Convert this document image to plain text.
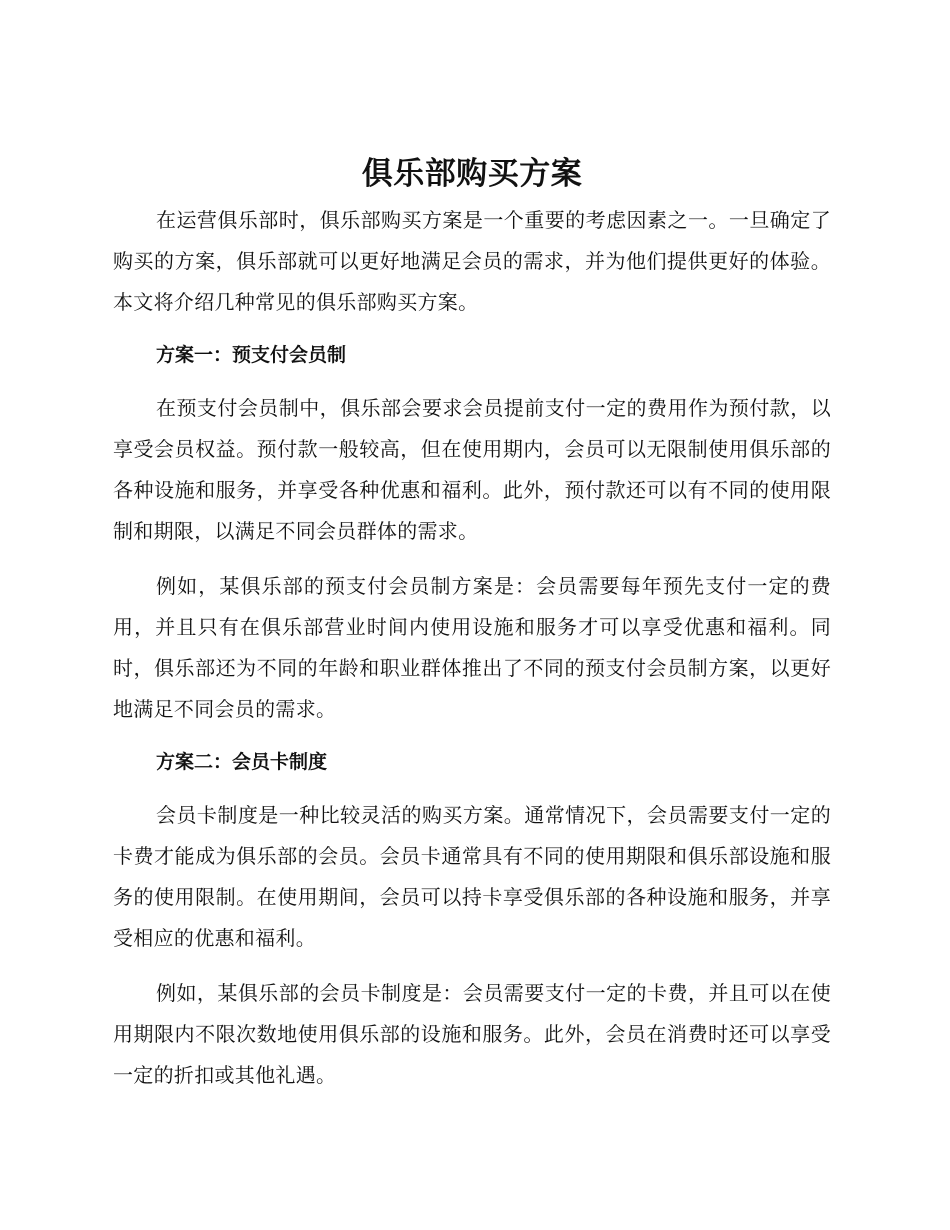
俱乐部购买方案

在运营俱乐部时，俱乐部购买方案是一个重要的考虑因素之一。一旦确定了购买的方案，俱乐部就可以更好地满足会员的需求，并为他们提供更好的体验。本文将介绍几种常见的俱乐部购买方案。

方案一：预支付会员制

在预支付会员制中，俱乐部会要求会员提前支付一定的费用作为预付款，以享受会员权益。预付款一般较高，但在使用期内，会员可以无限制使用俱乐部的各种设施和服务，并享受各种优惠和福利。此外，预付款还可以有不同的使用限制和期限，以满足不同会员群体的需求。

例如，某俱乐部的预支付会员制方案是：会员需要每年预先支付一定的费用，并且只有在俱乐部营业时间内使用设施和服务才可以享受优惠和福利。同时，俱乐部还为不同的年龄和职业群体推出了不同的预支付会员制方案，以更好地满足不同会员的需求。

方案二：会员卡制度

会员卡制度是一种比较灵活的购买方案。通常情况下，会员需要支付一定的卡费才能成为俱乐部的会员。会员卡通常具有不同的使用期限和俱乐部设施和服务的使用限制。在使用期间，会员可以持卡享受俱乐部的各种设施和服务，并享受相应的优惠和福利。

例如，某俱乐部的会员卡制度是：会员需要支付一定的卡费，并且可以在使用期限内不限次数地使用俱乐部的设施和服务。此外，会员在消费时还可以享受一定的折扣或其他礼遇。
